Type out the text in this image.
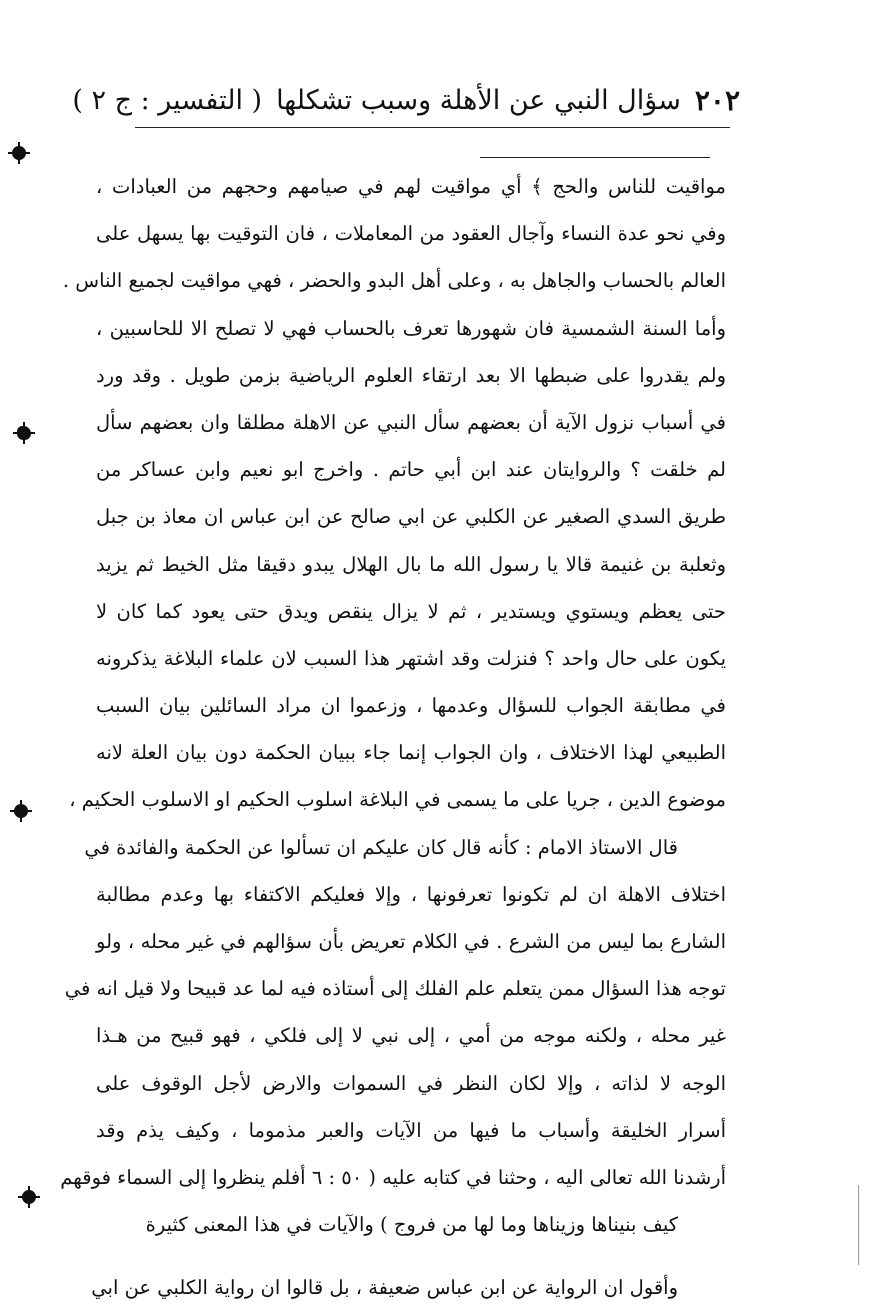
٢٠٢
سؤال النبي عن الأهلة وسبب تشكلها
( التفسير : ج ٢ )
مواقيت للناس والحج ﴾ أي مواقيت لهم في صيامهم وحجهم من العبادات ،
وفي نحو عدة النساء وآجال العقود من المعاملات ، فان التوقيت بها يسهل على
العالم بالحساب والجاهل به ، وعلى أهل البدو والحضر ، فهي مواقيت لجميع الناس .
وأما السنة الشمسية فان شهورها تعرف بالحساب فهي لا تصلح الا للحاسبين ،
ولم يقدروا على ضبطها الا بعد ارتقاء العلوم الرياضية بزمن طويل . وقد ورد
في أسباب نزول الآية أن بعضهم سأل النبي عن الاهلة مطلقا وان بعضهم سأل
لم خلقت ؟ والروايتان عند ابن أبي حاتم . واخرج ابو نعيم وابن عساكر من
طريق السدي الصغير عن الكلبي عن ابي صالح عن ابن عباس ان معاذ بن جبل
وثعلبة بن غنيمة قالا يا رسول الله ما بال الهلال يبدو دقيقا مثل الخيط ثم يزيد
حتى يعظم ويستوي ويستدير ، ثم لا يزال ينقص ويدق حتى يعود كما كان لا
يكون على حال واحد ؟ فنزلت وقد اشتهر هذا السبب لان علماء البلاغة يذكرونه
في مطابقة الجواب للسؤال وعدمها ، وزعموا ان مراد السائلين بيان السبب
الطبيعي لهذا الاختلاف ، وان الجواب إنما جاء ببيان الحكمة دون بيان العلة لانه
موضوع الدين ، جريا على ما يسمى في البلاغة اسلوب الحكيم او الاسلوب الحكيم ،
قال الاستاذ الامام : كأنه قال كان عليكم ان تسألوا عن الحكمة والفائدة في
اختلاف الاهلة ان لم تكونوا تعرفونها ، وإلا فعليكم الاكتفاء بها وعدم مطالبة
الشارع بما ليس من الشرع . في الكلام تعريض بأن سؤالهم في غير محله ، ولو
توجه هذا السؤال ممن يتعلم علم الفلك إلى أستاذه فيه لما عد قبيحا ولا قيل انه في
غير محله ، ولكنه موجه من أمي ، إلى نبي لا إلى فلكي ، فهو قبيح من هـذا
الوجه لا لذاته ، وإلا لكان النظر في السموات والارض لأجل الوقوف على
أسرار الخليقة وأسباب ما فيها من الآيات والعبر مذموما ، وكيف يذم وقد
أرشدنا الله تعالى اليه ، وحثنا في كتابه عليه ( ٥٠ : ٦ أفلم ينظروا إلى السماء فوقهم
كيف بنيناها وزيناها وما لها من فروج ) والآيات في هذا المعنى كثيرة
وأقول ان الرواية عن ابن عباس ضعيفة ، بل قالوا ان رواية الكلبي عن ابي
